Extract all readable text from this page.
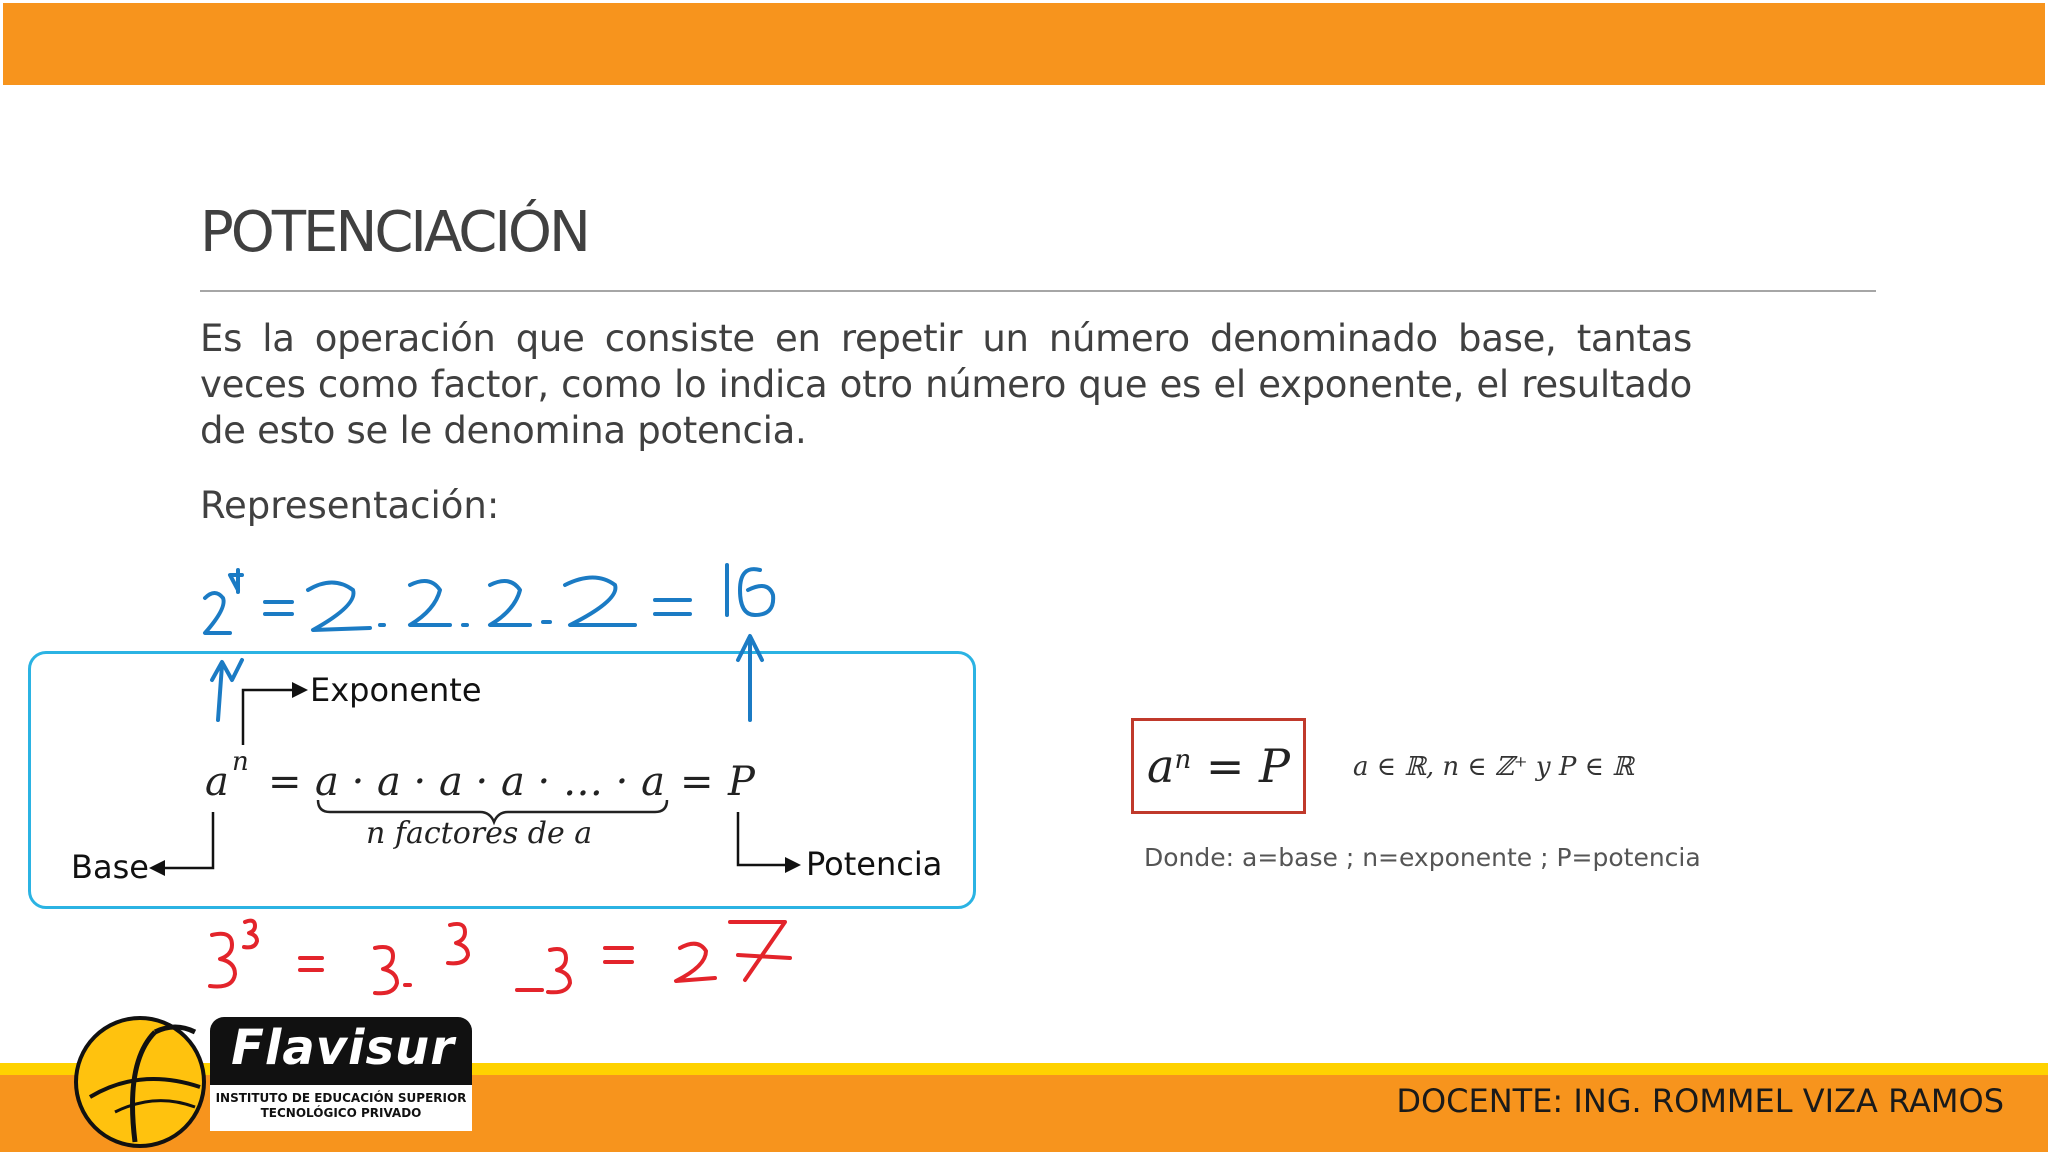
POTENCIACIÓN

Es la operación que consiste en repetir un número denominado base, tantas veces como factor, como lo indica otro número que es el exponente, el resultado de esto se le denomina potencia.

Representación:

a n = a · a · a · a · … · a = P
Exponente
Base	Potencia
n factores de a
$a^n = P$ a ∈ ℝ, n ∈ ℤ⁺ y P ∈ ℝ
Donde: a=base ; n=exponente ; P=potencia
DOCENTE: ING. ROMMEL VIZA RAMOS
Flavisur
INSTITUTO DE EDUCACIÓN SUPERIOR
TECNOLÓGICO PRIVADO
